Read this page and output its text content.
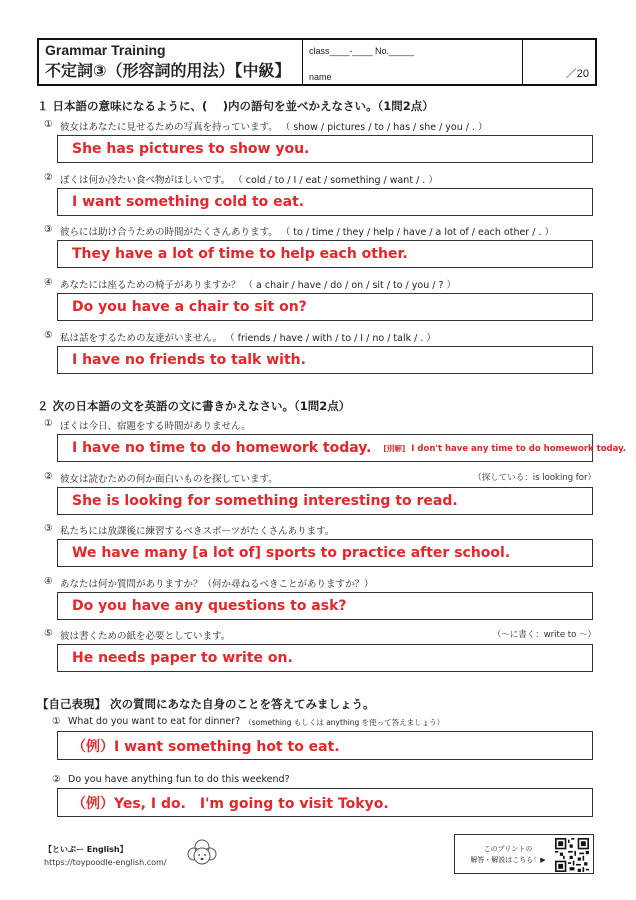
Grammar Training
不定詞③（形容詞的用法）【中級】
class____-____ No._____
name	／20
１ 日本語の意味になるように、(　 )内の語句を並べかえなさい。（1問2点）
① 彼女はあなたに見せるための写真を持っています。 （ show / pictures / to / has / she / you / . ）
She has pictures to show you.
② ぼくは何か冷たい食べ物がほしいです。 （ cold / to / I / eat / something / want / . ）
I want something cold to eat.
③ 彼らには助け合うための時間がたくさんあります。 （ to / time / they / help / have / a lot of / each other / . ）
They have a lot of time to help each other.
④ あなたには座るための椅子がありますか？ （ a chair / have / do / on / sit / to / you / ? ）
Do you have a chair to sit on?
⑤ 私は話をするための友達がいません。 （ friends / have / with / to / I / no / talk / . ）
I have no friends to talk with.
２ 次の日本語の文を英語の文に書きかえなさい。（1問2点）
① ぼくは今日、宿題をする時間がありません。
I have no time to do homework today. [別解] I don't have any time to do homework today.
② 彼女は読むための何か面白いものを探しています。	（探している：is looking for）
She is looking for something interesting to read.
③ 私たちには放課後に練習するべきスポーツがたくさんあります。
We have many [a lot of] sports to practice after school.
④ あなたは何か質問がありますか？（何か尋ねるべきことがありますか？）
Do you have any questions to ask?
⑤ 彼は書くための紙を必要としています。	（～に書く：write to ～）
He needs paper to write on.
【自己表現】 次の質問にあなた自身のことを答えてみましょう。
① What do you want to eat for dinner? （something もしくは anything を使って答えましょう）
（例）I want something hot to eat.
② Do you have anything fun to do this weekend?
（例）Yes, I do.　I'm going to visit Tokyo.
【といぷー English】
https://toypoodle-english.com/
このプリントの
解答・解説はこちら！▶
